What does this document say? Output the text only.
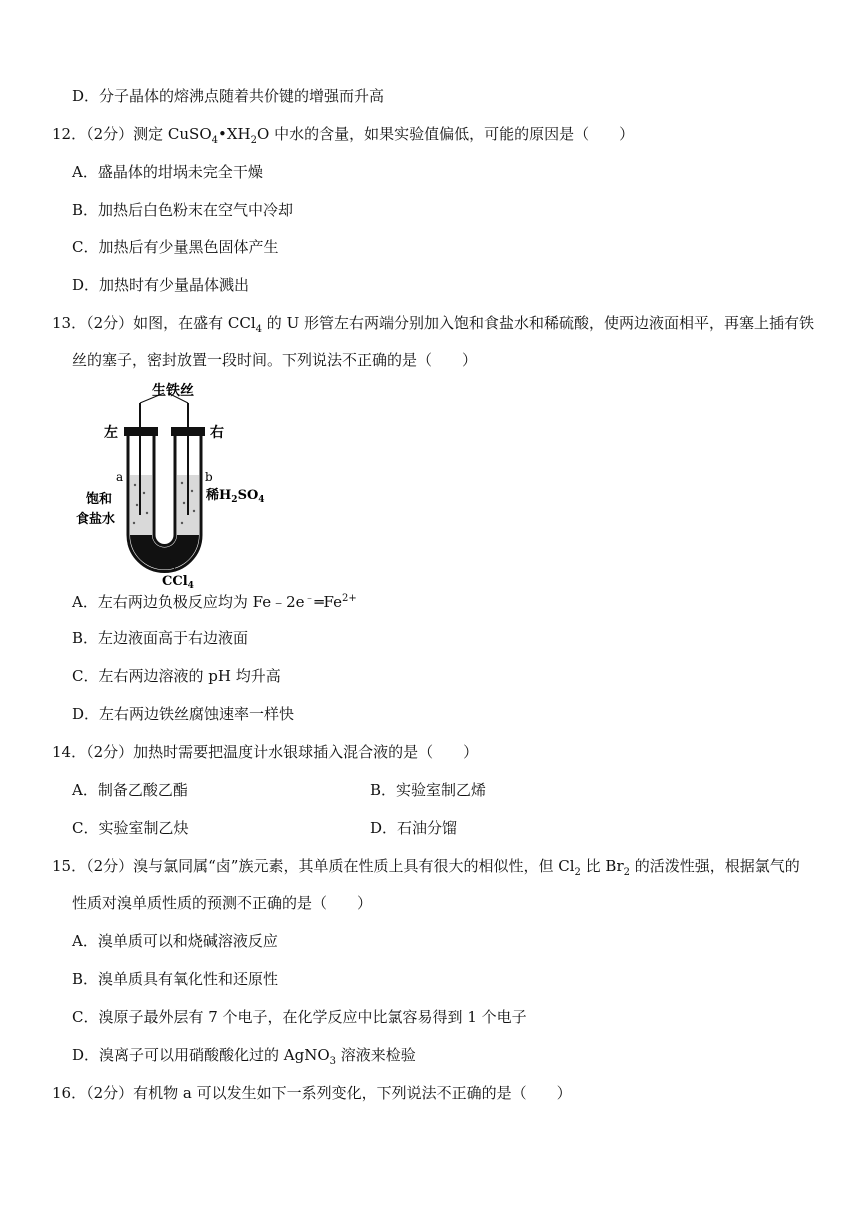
D．分子晶体的熔沸点随着共价键的增强而升高
12．（2分）测定 $CuSO_4•XH_2O$ 中水的含量，如果实验值偏低，可能的原因是（　　）
A．盛晶体的坩埚未完全干燥
B．加热后白色粉末在空气中冷却
C．加热后有少量黑色固体产生
D．加热时有少量晶体溅出
13．（2分）如图，在盛有 CCl$_4$ 的 U 形管左右两端分别加入饱和食盐水和稀硫酸，使两边液面相平，再塞上插有铁
丝的塞子，密封放置一段时间。下列说法不正确的是（　　）
生铁丝
左	右
a	b
饱和
食盐水
稀$H_2SO_4$
CCl$_4$
A．左右两边负极反应均为 $Fe﹣2e^﹣═Fe^{2+}$
B．左边液面高于右边液面
C．左右两边溶液的 pH 均升高
D．左右两边铁丝腐蚀速率一样快
14．（2分）加热时需要把温度计水银球插入混合液的是（　　）
A．制备乙酸乙酯	B．实验室制乙烯
C．实验室制乙炔	D．石油分馏
15．（2分）溴与氯同属“卤”族元素，其单质在性质上具有很大的相似性，但 $Cl_2$ 比 $Br_2$ 的活泼性强，根据氯气的
性质对溴单质性质的预测不正确的是（　　）
A．溴单质可以和烧碱溶液反应
B．溴单质具有氧化性和还原性
C．溴原子最外层有 7 个电子，在化学反应中比氯容易得到 1 个电子
D．溴离子可以用硝酸酸化过的 AgNO$_3$ 溶液来检验
16．（2分）有机物 a 可以发生如下一系列变化，下列说法不正确的是（　　）
